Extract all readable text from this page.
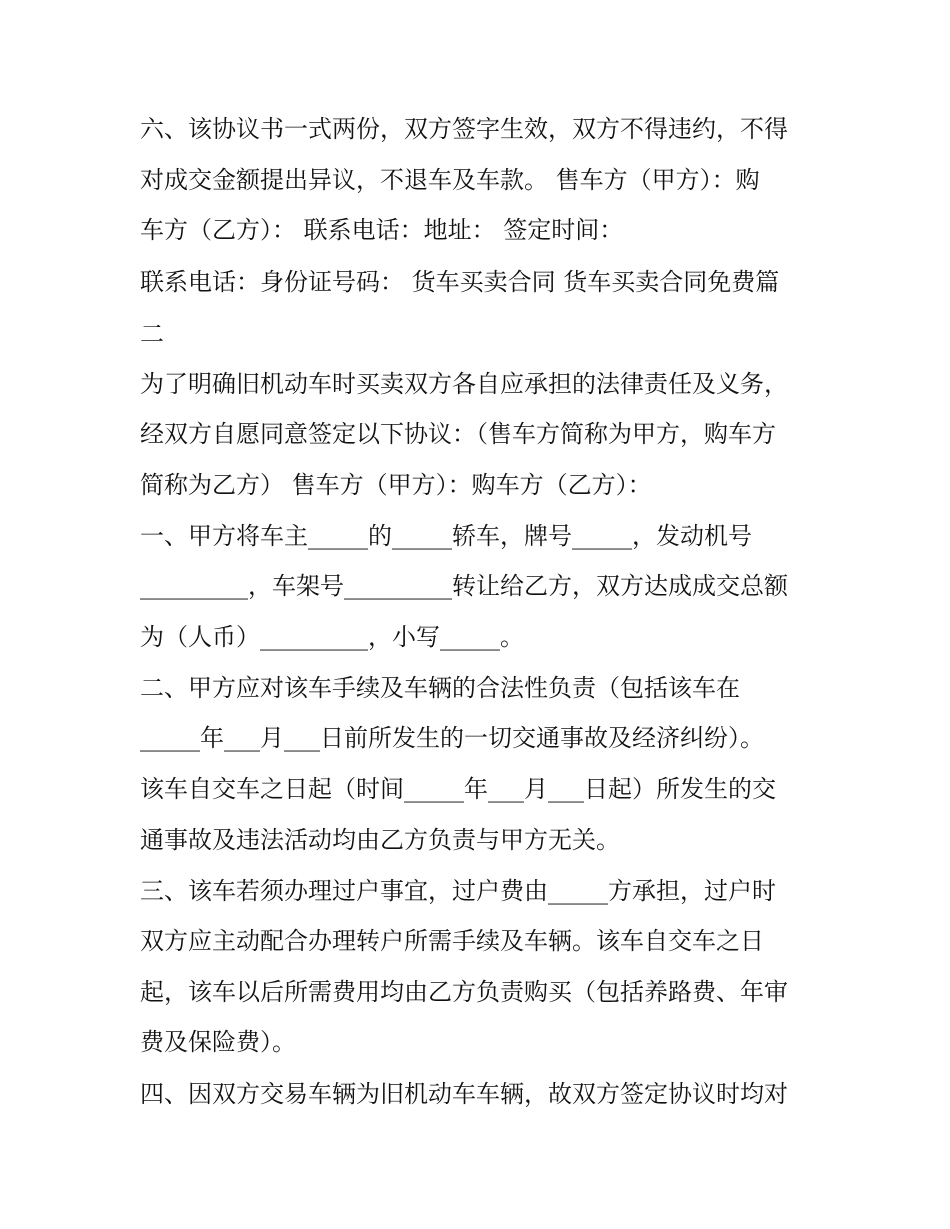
六、该协议书一式两份，双方签字生效，双方不得违约，不得
对成交金额提出异议，不退车及车款。 售车方（甲方）：购
车方（乙方）： 联系电话：地址： 签定时间：
联系电话：身份证号码： 货车买卖合同 货车买卖合同免费篇
二
为了明确旧机动车时买卖双方各自应承担的法律责任及义务，
经双方自愿同意签定以下协议：（售车方简称为甲方，购车方
简称为乙方） 售车方（甲方）：购车方（乙方）：
一、甲方将车主_____的_____轿车，牌号_____，发动机号
_________，车架号_________转让给乙方，双方达成成交总额
为（人币）_________，小写_____。
二、甲方应对该车手续及车辆的合法性负责（包括该车在
_____年___月___日前所发生的一切交通事故及经济纠纷）。
该车自交车之日起（时间_____年___月___日起）所发生的交
通事故及违法活动均由乙方负责与甲方无关。
三、该车若须办理过户事宜，过户费由_____方承担，过户时
双方应主动配合办理转户所需手续及车辆。该车自交车之日
起，该车以后所需费用均由乙方负责购买（包括养路费、年审
费及保险费）。
四、因双方交易车辆为旧机动车车辆，故双方签定协议时均对
